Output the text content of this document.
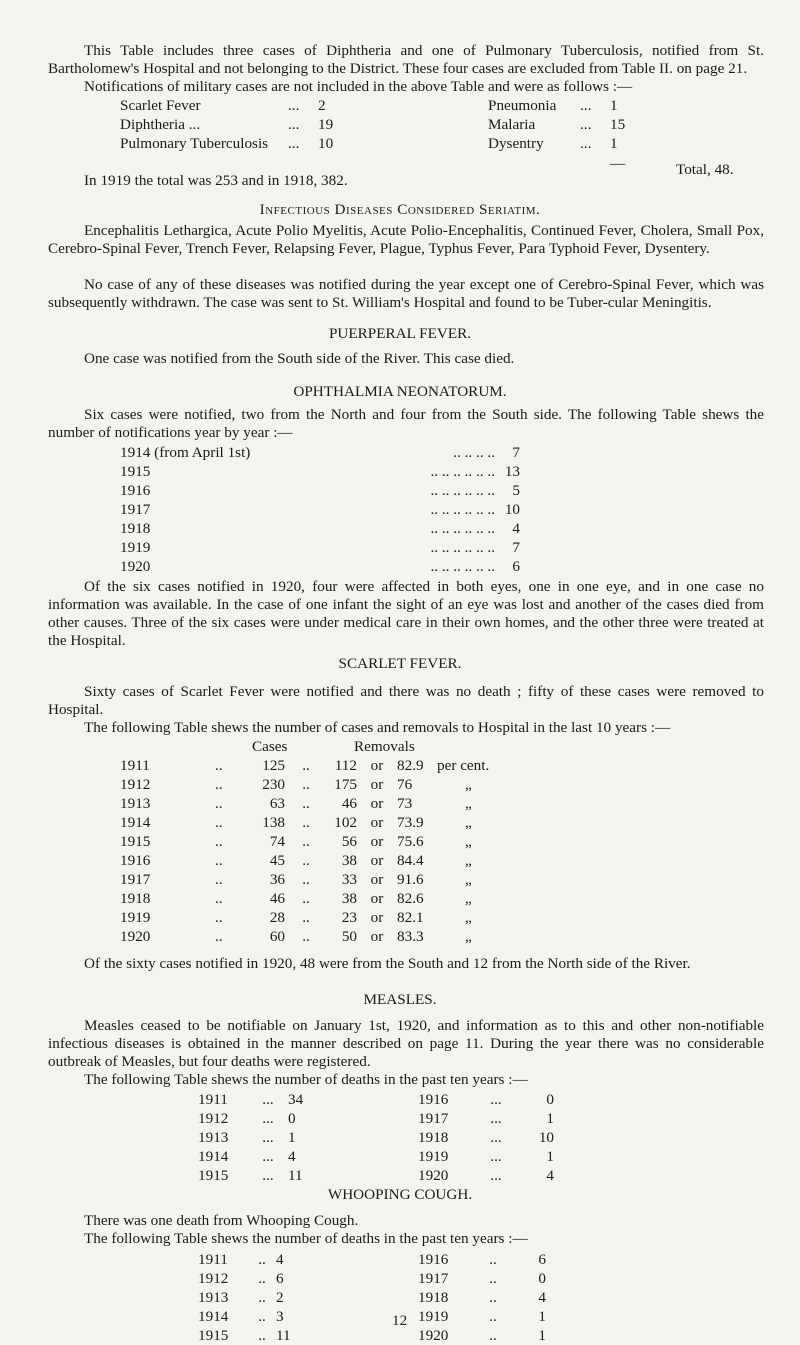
This Table includes three cases of Diphtheria and one of Pulmonary Tuberculosis, notified from St. Bartholomew's Hospital and not belonging to the District. These four cases are excluded from Table II. on page 21.

Notifications of military cases are not included in the above Table and were as follows :—

Scarlet Fever	...	2
Diphtheria ...	...	19
Pulmonary Tuberculosis	...	10
Pneumonia	...	1
Malaria	...	15
Dysentry	...	1
—	Total, 48.

In 1919 the total was 253 and in 1918, 382.

Infectious Diseases Considered Seriatim.

Encephalitis Lethargica, Acute Polio Myelitis, Acute Polio-Encephalitis, Continued Fever, Cholera, Small Pox, Cerebro-Spinal Fever, Trench Fever, Relapsing Fever, Plague, Typhus Fever, Para Typhoid Fever, Dysentery.

No case of any of these diseases was notified during the year except one of Cerebro-Spinal Fever, which was subsequently withdrawn. The case was sent to St. William's Hospital and found to be Tuber-cular Meningitis.

PUERPERAL FEVER.

One case was notified from the South side of the River. This case died.

OPHTHALMIA NEONATORUM.

Six cases were notified, two from the North and four from the South side. The following Table shews the number of notifications year by year :—

1914 (from April 1st)	.. .. .. ..	7
1915	.. .. .. .. .. ..	13
1916	.. .. .. .. .. ..	5
1917	.. .. .. .. .. ..	10
1918	.. .. .. .. .. ..	4
1919	.. .. .. .. .. ..	7
1920	.. .. .. .. .. ..	6

Of the six cases notified in 1920, four were affected in both eyes, one in one eye, and in one case no information was available. In the case of one infant the sight of an eye was lost and another of the cases died from other causes. Three of the six cases were under medical care in their own homes, and the other three were treated at the Hospital.

SCARLET FEVER.

Sixty cases of Scarlet Fever were notified and there was no death ; fifty of these cases were removed to Hospital.

The following Table shews the number of cases and removals to Hospital in the last 10 years :—

Cases	Removals
1911	..	125	..	112	or	82.9	per cent.
1912	..	230	..	175	or	76	„
1913	..	63	..	46	or	73	„
1914	..	138	..	102	or	73.9	„
1915	..	74	..	56	or	75.6	„
1916	..	45	..	38	or	84.4	„
1917	..	36	..	33	or	91.6	„
1918	..	46	..	38	or	82.6	„
1919	..	28	..	23	or	82.1	„
1920	..	60	..	50	or	83.3	„

Of the sixty cases notified in 1920, 48 were from the South and 12 from the North side of the River.

MEASLES.

Measles ceased to be notifiable on January 1st, 1920, and information as to this and other non-notifiable infectious diseases is obtained in the manner described on page 11. During the year there was no considerable outbreak of Measles, but four deaths were registered.

The following Table shews the number of deaths in the past ten years :—

1911	...	34
1912	...	0
1913	...	1
1914	...	4
1915	...	11
1916	...	0
1917	...	1
1918	...	10
1919	...	1
1920	...	4

WHOOPING COUGH.

There was one death from Whooping Cough.

The following Table shews the number of deaths in the past ten years :—

1911	..	4
1912	..	6
1913	..	2
1914	..	3
1915	..	11
1916	..	6
1917	..	0
1918	..	4
1919	..	1
1920	..	1
12
